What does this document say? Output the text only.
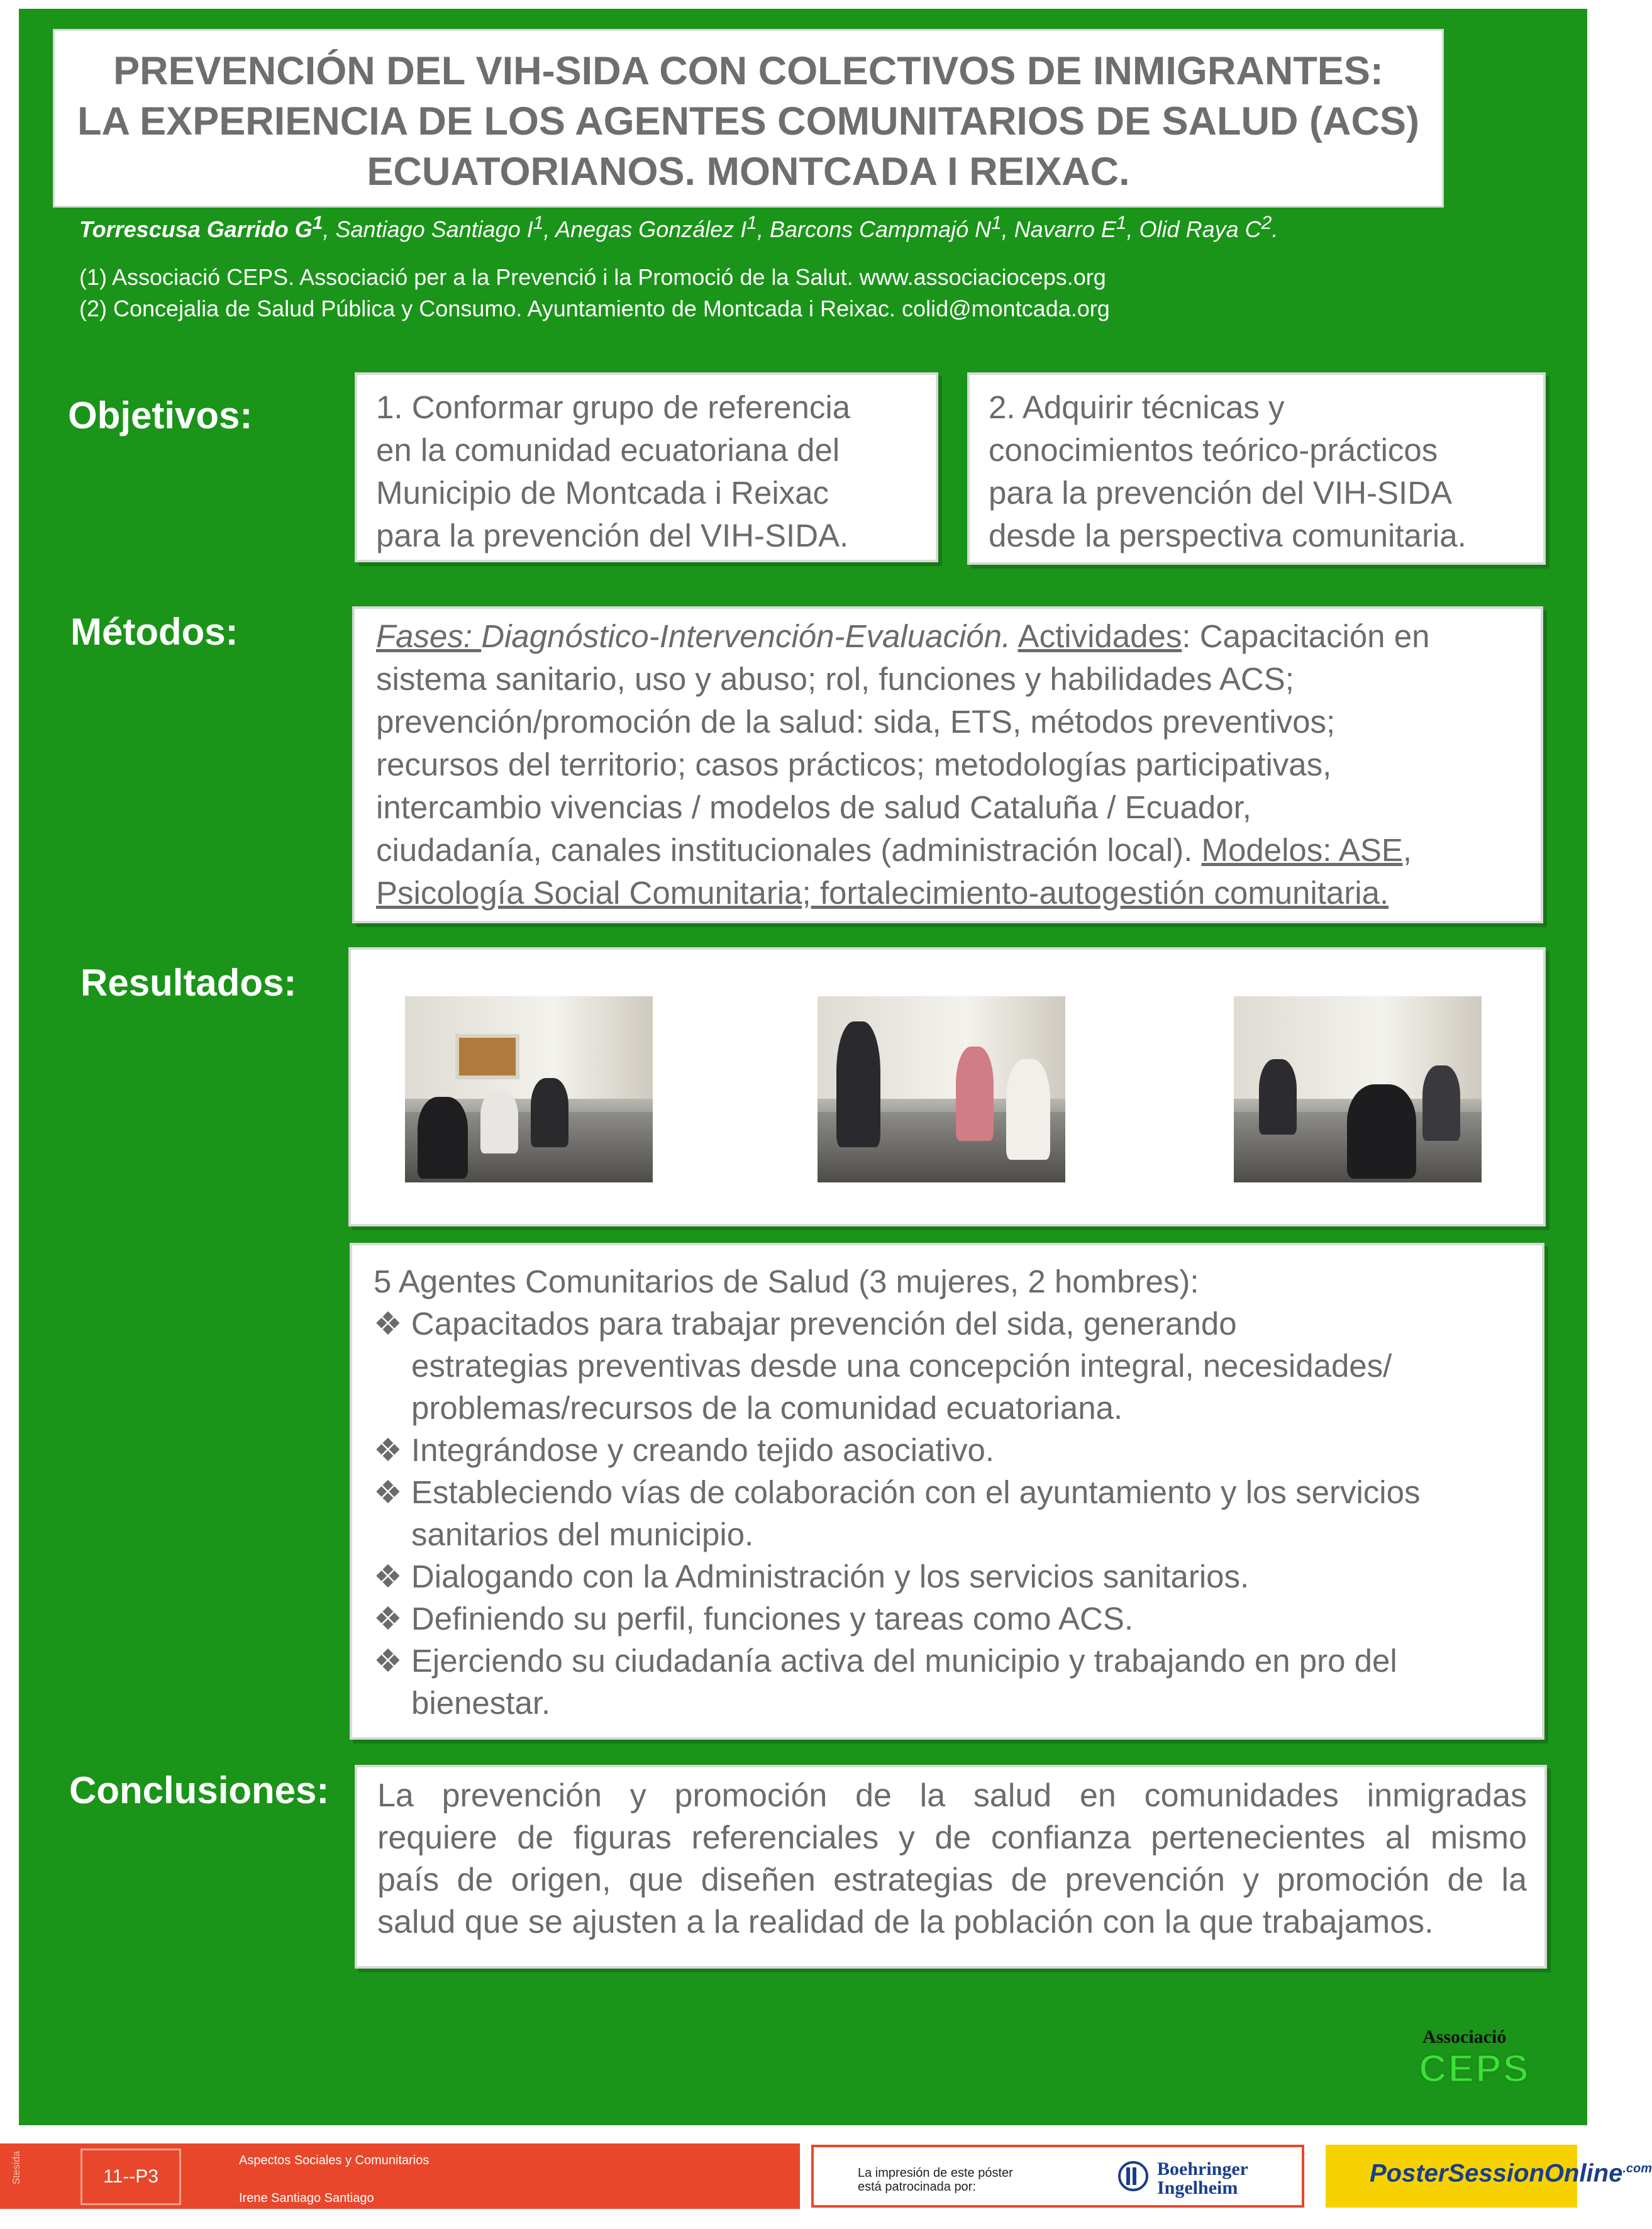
PREVENCIÓN DEL VIH-SIDA CON COLECTIVOS DE INMIGRANTES:
LA EXPERIENCIA DE LOS AGENTES COMUNITARIOS DE SALUD (ACS)
ECUATORIANOS. MONTCADA I REIXAC.
Torrescusa Garrido $G^1$, Santiago Santiago $I^1$, Anegas González $I^1$, Barcons Campmajó $N^1$, Navarro $E^1$, Olid Raya $C^2$.
(1) Associació CEPS. Associació per a la Prevenció i la Promoció de la Salut. www.associacioceps.org
(2) Concejalia de Salud Pública y Consumo. Ayuntamiento de Montcada i Reixac. colid@montcada.org
Objetivos:	1. Conformar grupo de referencia
en la comunidad ecuatoriana del
Municipio de Montcada i Reixac
para la prevención del VIH-SIDA.
2. Adquirir técnicas y
conocimientos teórico-prácticos
para la prevención del VIH-SIDA
desde la perspectiva comunitaria.
Métodos:	Fases: Diagnóstico-Intervención-Evaluación. Actividades: Capacitación en
sistema sanitario, uso y abuso; rol, funciones y habilidades ACS;
prevención/promoción de la salud: sida, ETS, métodos preventivos;
recursos del territorio; casos prácticos; metodologías participativas,
intercambio vivencias / modelos de salud Cataluña / Ecuador,
ciudadanía, canales institucionales (administración local). Modelos: ASE,
Psicología Social Comunitaria; fortalecimiento-autogestión comunitaria.
Resultados:
5 Agentes Comunitarios de Salud (3 mujeres, 2 hombres):
❖ Capacitados para trabajar prevención del sida, generando
estrategias preventivas desde una concepción integral, necesidades/
problemas/recursos de la comunidad ecuatoriana.
❖ Integrándose y creando tejido asociativo.
❖ Estableciendo vías de colaboración con el ayuntamiento y los servicios
sanitarios del municipio.
❖ Dialogando con la Administración y los servicios sanitarios.
❖ Definiendo su perfil, funciones y tareas como ACS.
❖ Ejerciendo su ciudadanía activa del municipio y trabajando en pro del
bienestar.
Conclusiones: La prevención y promoción de la salud en comunidades inmigradas
requiere de figuras referenciales y de confianza pertenecientes al mismo
país de origen, que diseñen estrategias de prevención y promoción de la
salud que se ajusten a la realidad de la población con la que trabajamos.
Associació
CEPS
Stesida	11--P3
Aspectos Sociales y Comunitarios
Irene Santiago Santiago
La impresión de este póster
está patrocinada por:
Boehringer
Ingelheim
PosterSessionOnline$^{.com}$
